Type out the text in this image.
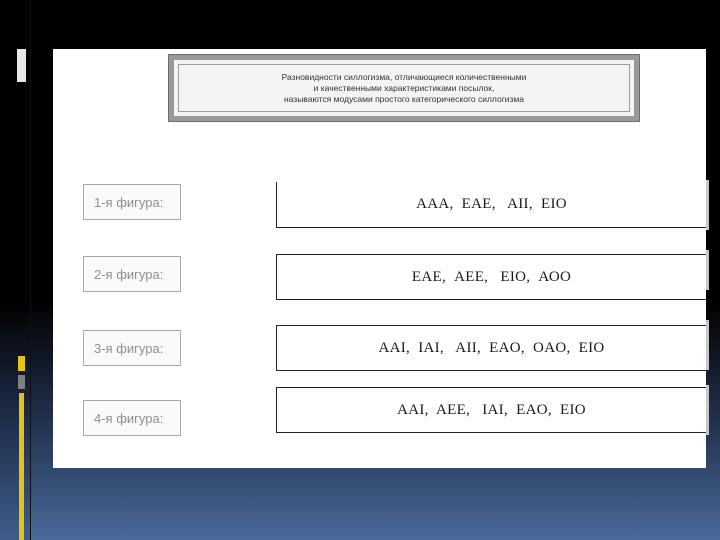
Разновидности силлогизма, отличающиеся количественными
и качественными характеристиками посылок,
называются модусами простого категорического силлогизма
1-я фигура:	AAA,  EAE,   AII,  EIO
2-я фигура:	ЕАЕ,  АЕЕ,   ЕIО,  АОО
3-я фигура:	AAI,  IAI,   AII,  EAO,  OAO,  EIO
4-я фигура:
AAI,  AEE,   IAI,  EAO,  EIO
